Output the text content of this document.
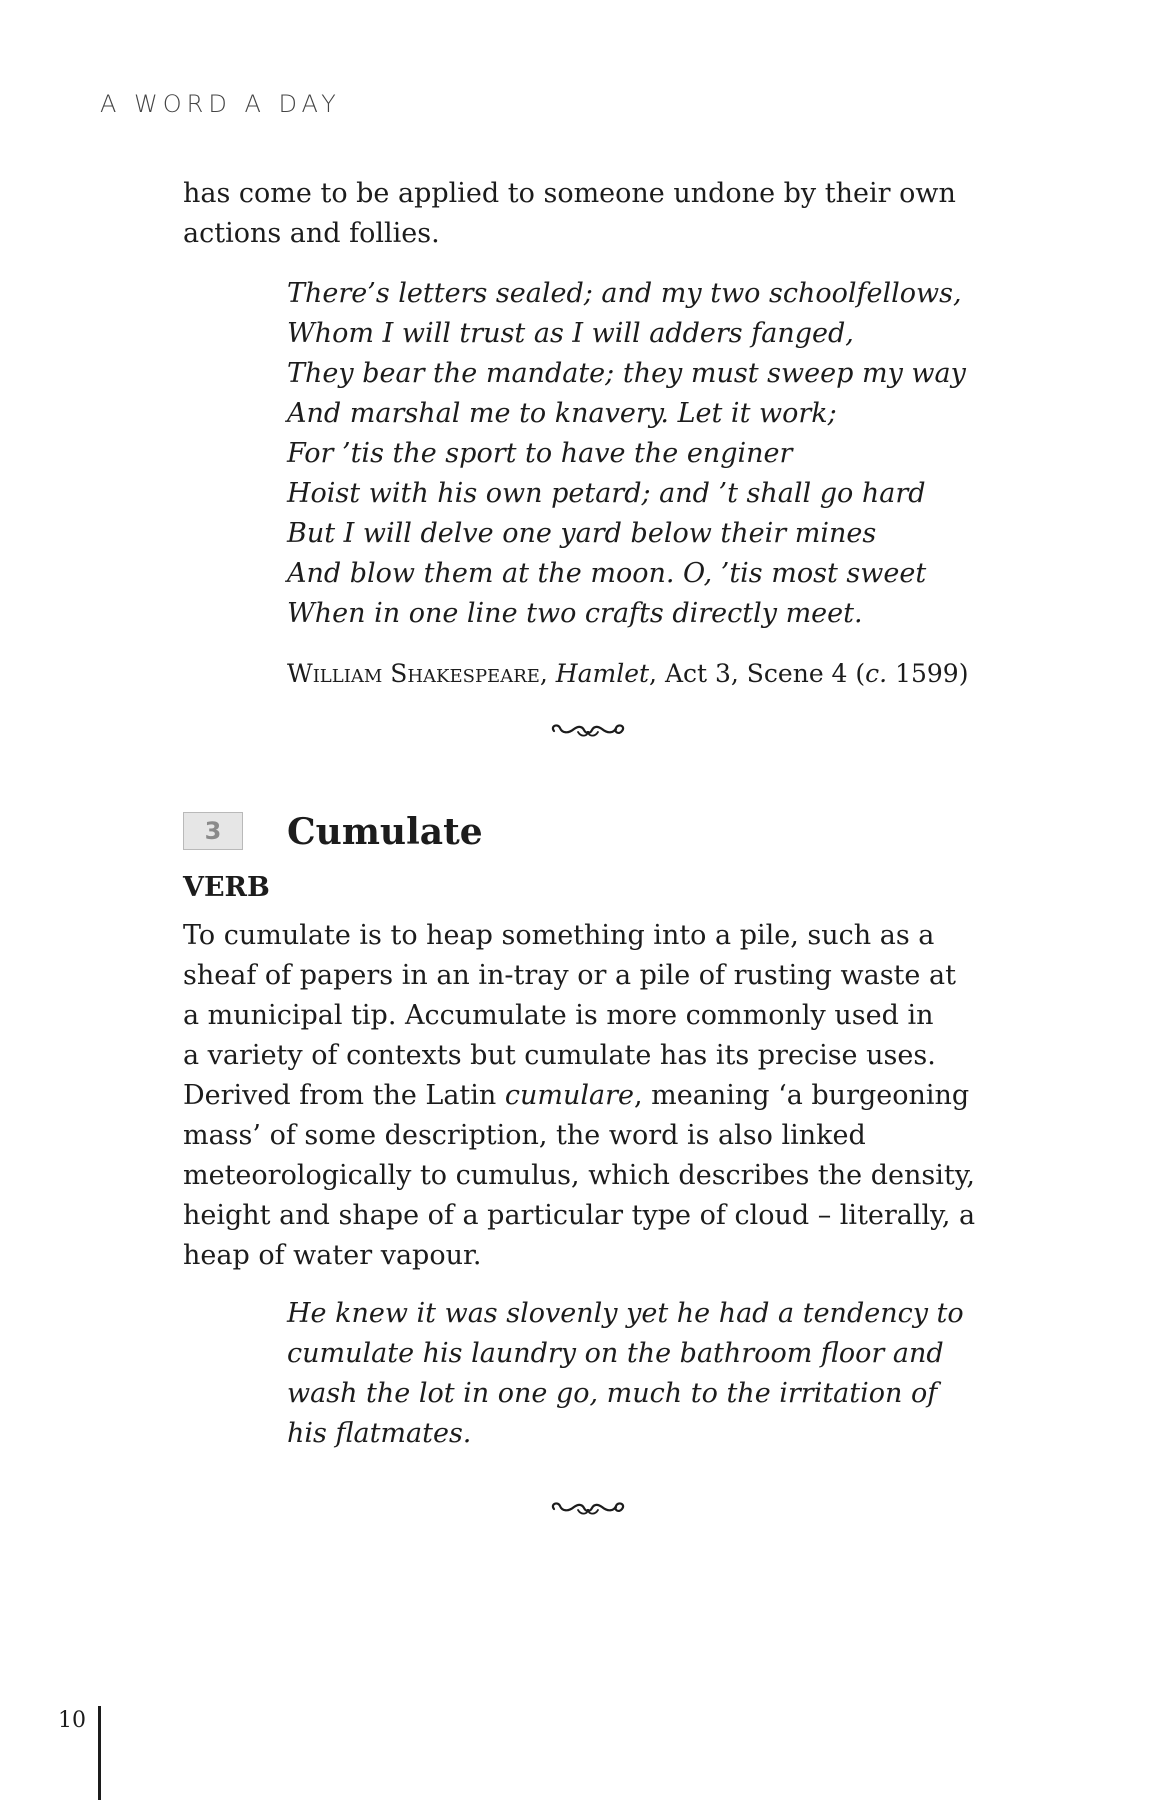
A WORD A DAY

has come to be applied to someone undone by their own actions and follies.

There’s letters sealed; and my two schoolfellows,
Whom I will trust as I will adders fanged,
They bear the mandate; they must sweep my way
And marshal me to knavery. Let it work;
For ’tis the sport to have the enginer
Hoist with his own petard; and ’t shall go hard
But I will delve one yard below their mines
And blow them at the moon. O, ’tis most sweet
When in one line two crafts directly meet.
William Shakespeare, Hamlet, Act 3, Scene 4 (c. 1599)
3	Cumulate
VERB
To cumulate is to heap something into a pile, such as a
sheaf of papers in an in-tray or a pile of rusting waste at
a municipal tip. Accumulate is more commonly used in
a variety of contexts but cumulate has its precise uses.

Derived from the Latin cumulare, meaning ‘a burgeoning mass’ of some description, the word is also linked meteorologically to cumulus, which describes the density, height and shape of a particular type of cloud – literally, a heap of water vapour.

He knew it was slovenly yet he had a tendency to cumulate his laundry on the bathroom floor and wash the lot in one go, much to the irritation of his flatmates.
10
